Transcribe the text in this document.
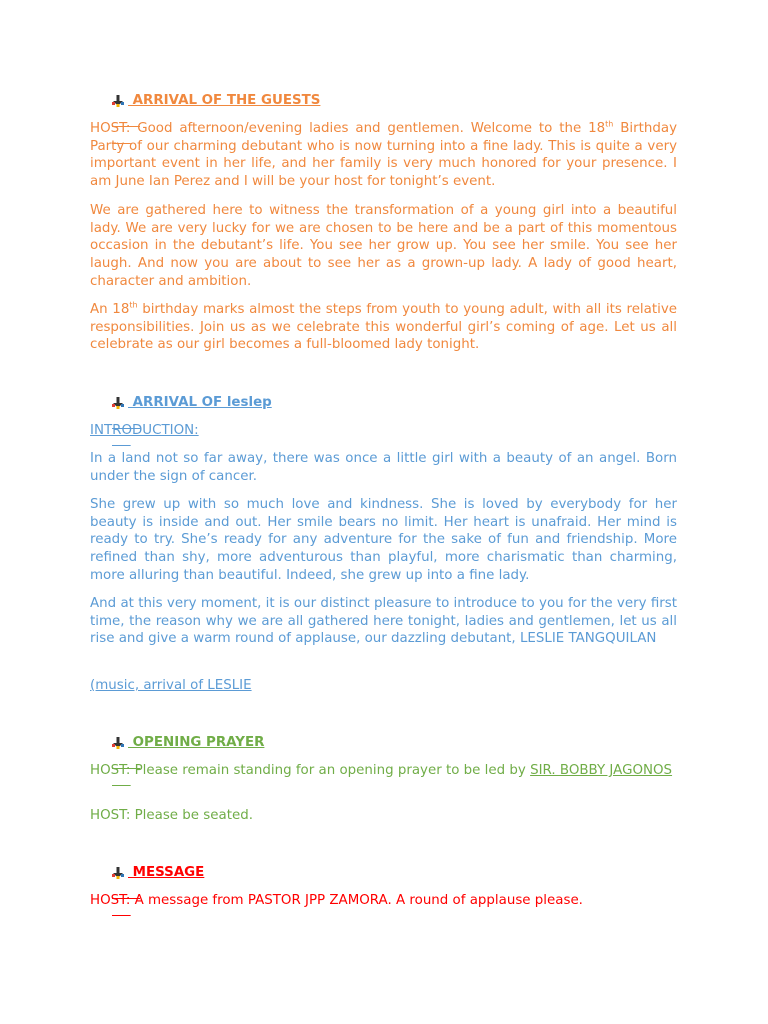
ARRIVAL OF THE GUESTS

HOST: Good afternoon/evening ladies and gentlemen. Welcome to the 18th Birthday Party of our charming debutant who is now turning into a fine lady. This is quite a very important event in her life, and her family is very much honored for your presence. I am June Ian Perez and I will be your host for tonight’s event.

We are gathered here to witness the transformation of a young girl into a beautiful lady. We are very lucky for we are chosen to be here and be a part of this momentous occasion in the debutant’s life. You see her grow up. You see her smile. You see her laugh. And now you are about to see her as a grown-up lady. A lady of good heart, character and ambition.

An 18th birthday marks almost the steps from youth to young adult, with all its relative responsibilities. Join us as we celebrate this wonderful girl’s coming of age. Let us all celebrate as our girl becomes a full-bloomed lady tonight.

ARRIVAL OF leslep

INTRODUCTION:

In a land not so far away, there was once a little girl with a beauty of an angel. Born under the sign of cancer.

She grew up with so much love and kindness. She is loved by everybody for her beauty is inside and out. Her smile bears no limit. Her heart is unafraid. Her mind is ready to try. She’s ready for any adventure for the sake of fun and friendship. More refined than shy, more adventurous than playful, more charismatic than charming, more alluring than beautiful. Indeed, she grew up into a fine lady.

And at this very moment, it is our distinct pleasure to introduce to you for the very first time, the reason why we are all gathered here tonight, ladies and gentlemen, let us all rise and give a warm round of applause, our dazzling debutant, LESLIE TANGQUILAN

(music, arrival of LESLIE

OPENING PRAYER

HOST: Please remain standing for an opening prayer to be led by SIR. BOBBY JAGONOS

HOST: Please be seated.

MESSAGE

HOST: A message from PASTOR JPP ZAMORA. A round of applause please.
